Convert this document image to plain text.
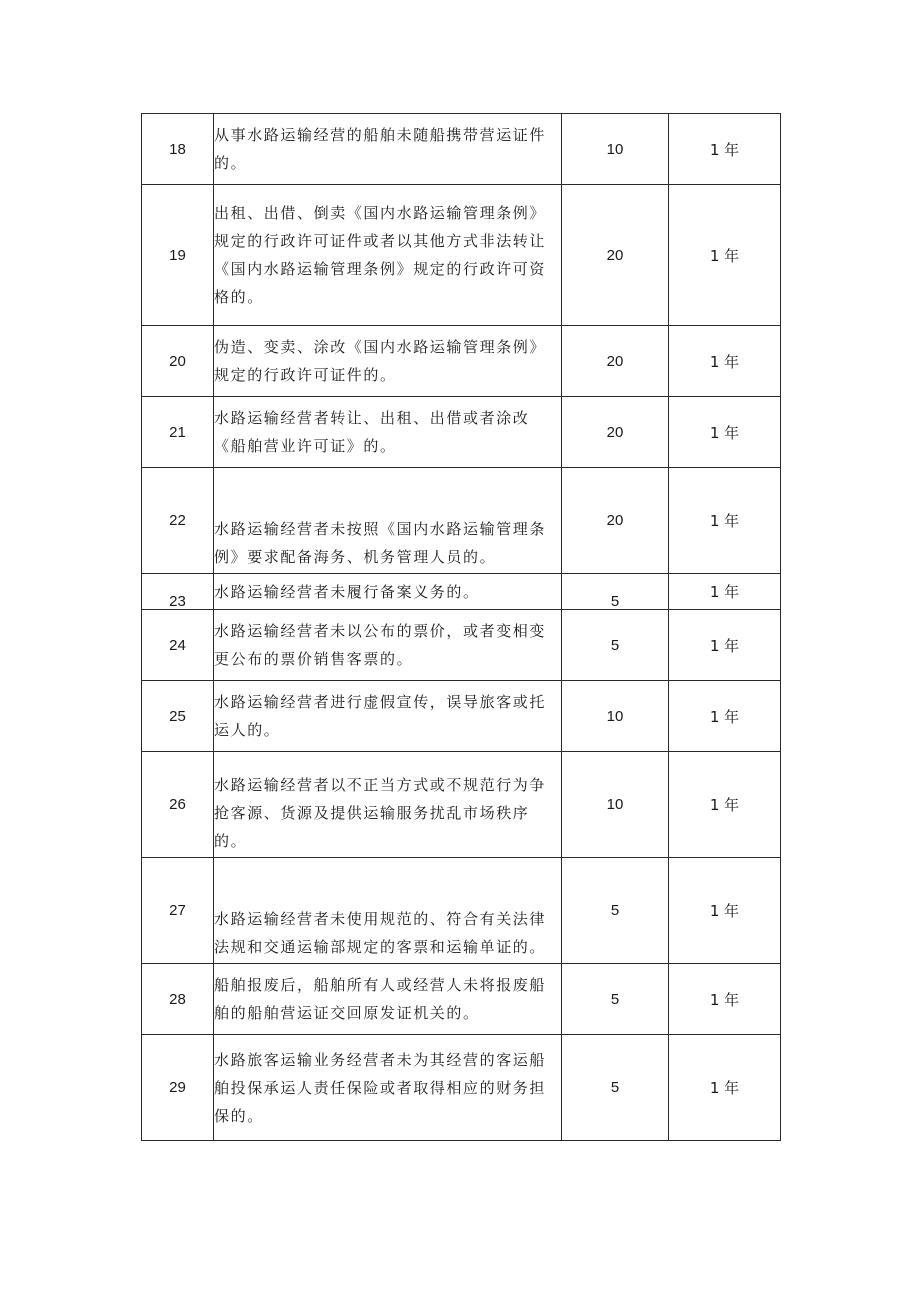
18	从事水路运输经营的船舶未随船携带营运证件的。	10	1 年
19	出租、出借、倒卖《国内水路运输管理条例》规定的行政许可证件或者以其他方式非法转让《国内水路运输管理条例》规定的行政许可资格的。	20	1 年
20	伪造、变卖、涂改《国内水路运输管理条例》规定的行政许可证件的。	20	1 年
21	水路运输经营者转让、出租、出借或者涂改《船舶营业许可证》的。	20	1 年
22	水路运输经营者未按照《国内水路运输管理条例》要求配备海务、机务管理人员的。	20	1 年
23	水路运输经营者未履行备案义务的。	5	1 年
24	水路运输经营者未以公布的票价，或者变相变更公布的票价销售客票的。	5	1 年
25	水路运输经营者进行虚假宣传，误导旅客或托运人的。	10	1 年
26	水路运输经营者以不正当方式或不规范行为争抢客源、货源及提供运输服务扰乱市场秩序的。	10	1 年
27	水路运输经营者未使用规范的、符合有关法律法规和交通运输部规定的客票和运输单证的。	5	1 年
28	船舶报废后，船舶所有人或经营人未将报废船舶的船舶营运证交回原发证机关的。	5	1 年
29	水路旅客运输业务经营者未为其经营的客运船舶投保承运人责任保险或者取得相应的财务担保的。	5	1 年
